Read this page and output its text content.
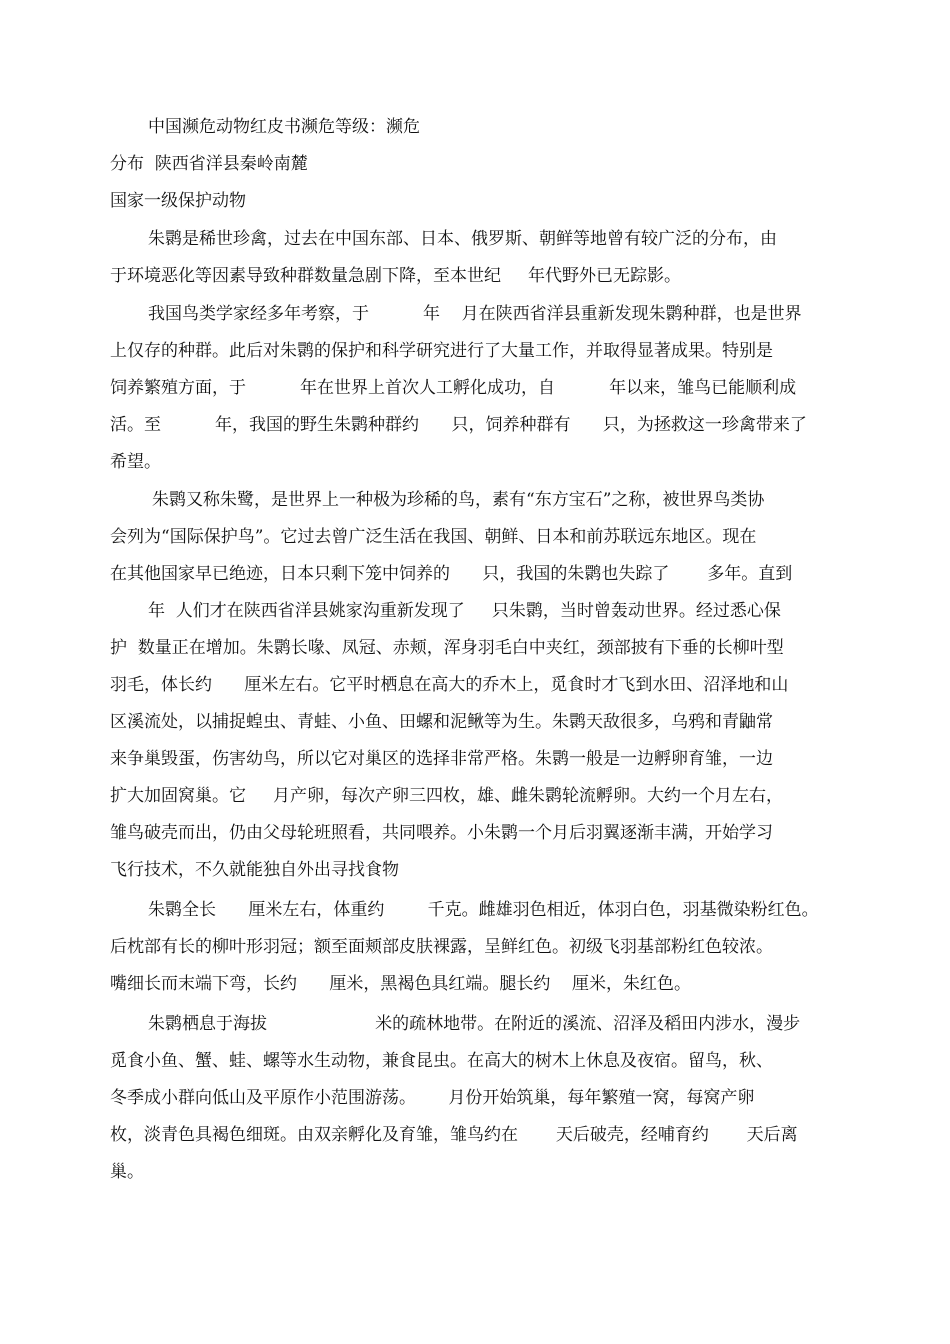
中国濒危动物红皮书濒危等级：濒危
分布  陕西省洋县秦岭南麓
国家一级保护动物
朱鹮是稀世珍禽，过去在中国东部、日本、俄罗斯、朝鲜等地曾有较广泛的分布，由
于环境恶化等因素导致种群数量急剧下降，至本世纪     年代野外已无踪影。
我国鸟类学家经多年考察，于          年    月在陕西省洋县重新发现朱鹮种群，也是世界
上仅存的种群。此后对朱鹮的保护和科学研究进行了大量工作，并取得显著成果。特别是
饲养繁殖方面，于          年在世界上首次人工孵化成功，自          年以来，雏鸟已能顺利成
活。至          年，我国的野生朱鹮种群约      只，饲养种群有      只，为拯救这一珍禽带来了
希望。
朱鹮又称朱鹭，是世界上一种极为珍稀的鸟，素有“东方宝石”之称，被世界鸟类协
会列为“国际保护鸟”。它过去曾广泛生活在我国、朝鲜、日本和前苏联远东地区。现在
在其他国家早已绝迹，日本只剩下笼中饲养的      只，我国的朱鹮也失踪了       多年。直到
年  人们才在陕西省洋县姚家沟重新发现了     只朱鹮，当时曾轰动世界。经过悉心保
护  数量正在增加。朱鹮长喙、凤冠、赤颊，浑身羽毛白中夹红，颈部披有下垂的长柳叶型
羽毛，体长约      厘米左右。它平时栖息在高大的乔木上，觅食时才飞到水田、沼泽地和山
区溪流处，以捕捉蝗虫、青蛙、小鱼、田螺和泥鳅等为生。朱鹮天敌很多，乌鸦和青鼬常
来争巢毁蛋，伤害幼鸟，所以它对巢区的选择非常严格。朱鹮一般是一边孵卵育雏，一边
扩大加固窝巢。它     月产卵，每次产卵三四枚，雄、雌朱鹮轮流孵卵。大约一个月左右，
雏鸟破壳而出，仍由父母轮班照看，共同喂养。小朱鹮一个月后羽翼逐渐丰满，开始学习
飞行技术，不久就能独自外出寻找食物
朱鹮全长      厘米左右，体重约        千克。雌雄羽色相近，体羽白色，羽基微染粉红色。
后枕部有长的柳叶形羽冠；额至面颊部皮肤裸露，呈鲜红色。初级飞羽基部粉红色较浓。
嘴细长而末端下弯，长约      厘米，黑褐色具红端。腿长约    厘米，朱红色。
朱鹮栖息于海拔                    米的疏林地带。在附近的溪流、沼泽及稻田内涉水，漫步
觅食小鱼、蟹、蛙、螺等水生动物，兼食昆虫。在高大的树木上休息及夜宿。留鸟，秋、
冬季成小群向低山及平原作小范围游荡。      月份开始筑巢，每年繁殖一窝，每窝产卵
枚，淡青色具褐色细斑。由双亲孵化及育雏，雏鸟约在       天后破壳，经哺育约       天后离
巢。
